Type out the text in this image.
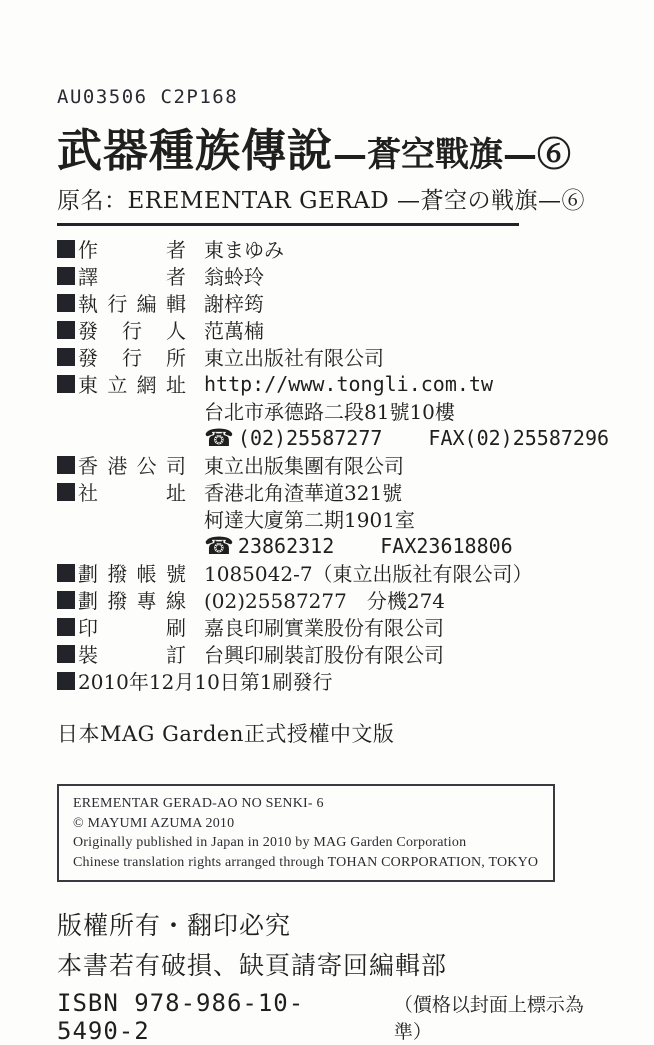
AU03506 C2P168
武器種族傳說—蒼空戰旗—⑥
原名：EREMENTAR GERAD —蒼空の戦旗—⑥
作者 東まゆみ
譯者 翁蛉玲
執行編輯 謝梓筠
發行人 范萬楠
發行所 東立出版社有限公司
東立網址 http://www.tongli.com.tw
台北市承德路二段81號10樓
☎ (02)25587277 FAX(02)25587296
香港公司 東立出版集團有限公司
社址 香港北角渣華道321號
柯達大廈第二期1901室
☎ 23862312 FAX23618806
劃撥帳號 1085042-7（東立出版社有限公司）
劃撥專線 (02)25587277　分機274
印刷 嘉良印刷實業股份有限公司
裝訂 台興印刷裝訂股份有限公司
2010年12月10日第1刷發行
日本MAG Garden正式授權中文版
EREMENTAR GERAD-AO NO SENKI- 6
© MAYUMI AZUMA 2010
Originally published in Japan in 2010 by MAG Garden Corporation
Chinese translation rights arranged through TOHAN CORPORATION, TOKYO
版權所有・翻印必究
本書若有破損、缺頁請寄回編輯部
ISBN 978-986-10-5490-2
（價格以封面上標示為準）
